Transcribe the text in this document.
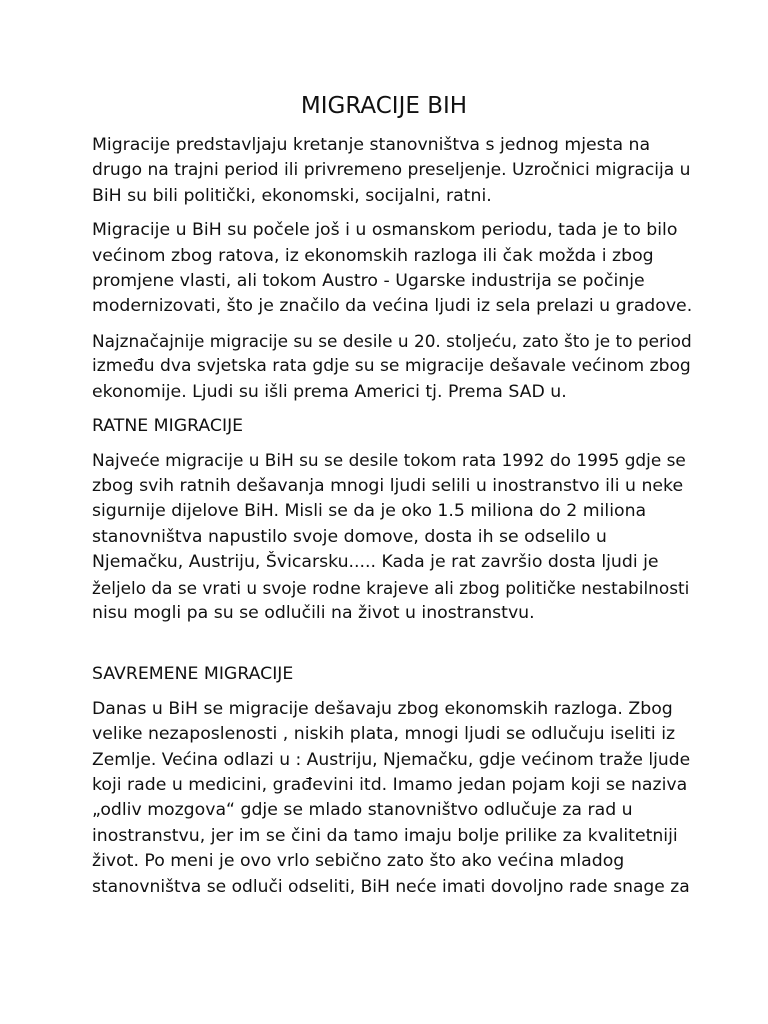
MIGRACIJE BIH

Migracije predstavljaju kretanje stanovništva s jednog mjesta na
drugo na trajni period ili privremeno preseljenje. Uzročnici migracija u
BiH su bili politički, ekonomski, socijalni, ratni.

Migracije u BiH su počele još i u osmanskom periodu, tada je to bilo
većinom zbog ratova, iz ekonomskih razloga ili čak možda i zbog
promjene vlasti, ali tokom Austro - Ugarske industrija se počinje
modernizovati, što je značilo da većina ljudi iz sela prelazi u gradove.

Najznačajnije migracije su se desile u 20. stoljeću, zato što je to period
između dva svjetska rata gdje su se migracije dešavale većinom zbog
ekonomije. Ljudi su išli prema Americi tj. Prema SAD u.

RATNE MIGRACIJE

Najveće migracije u BiH su se desile tokom rata 1992 do 1995 gdje se
zbog svih ratnih dešavanja mnogi ljudi selili u inostranstvo ili u neke
sigurnije dijelove BiH. Misli se da je oko 1.5 miliona do 2 miliona
stanovništva napustilo svoje domove, dosta ih se odselilo u
Njemačku, Austriju, Švicarsku..... Kada je rat završio dosta ljudi je
željelo da se vrati u svoje rodne krajeve ali zbog političke nestabilnosti
nisu mogli pa su se odlučili na život u inostranstvu.

SAVREMENE MIGRACIJE

Danas u BiH se migracije dešavaju zbog ekonomskih razloga. Zbog
velike nezaposlenosti , niskih plata, mnogi ljudi se odlučuju iseliti iz
Zemlje. Većina odlazi u : Austriju, Njemačku, gdje većinom traže ljude
koji rade u medicini, građevini itd. Imamo jedan pojam koji se naziva
„odliv mozgova“ gdje se mlado stanovništvo odlučuje za rad u
inostranstvu, jer im se čini da tamo imaju bolje prilike za kvalitetniji
život. Po meni je ovo vrlo sebično zato što ako većina mladog
stanovništva se odluči odseliti, BiH neće imati dovoljno rade snage za
